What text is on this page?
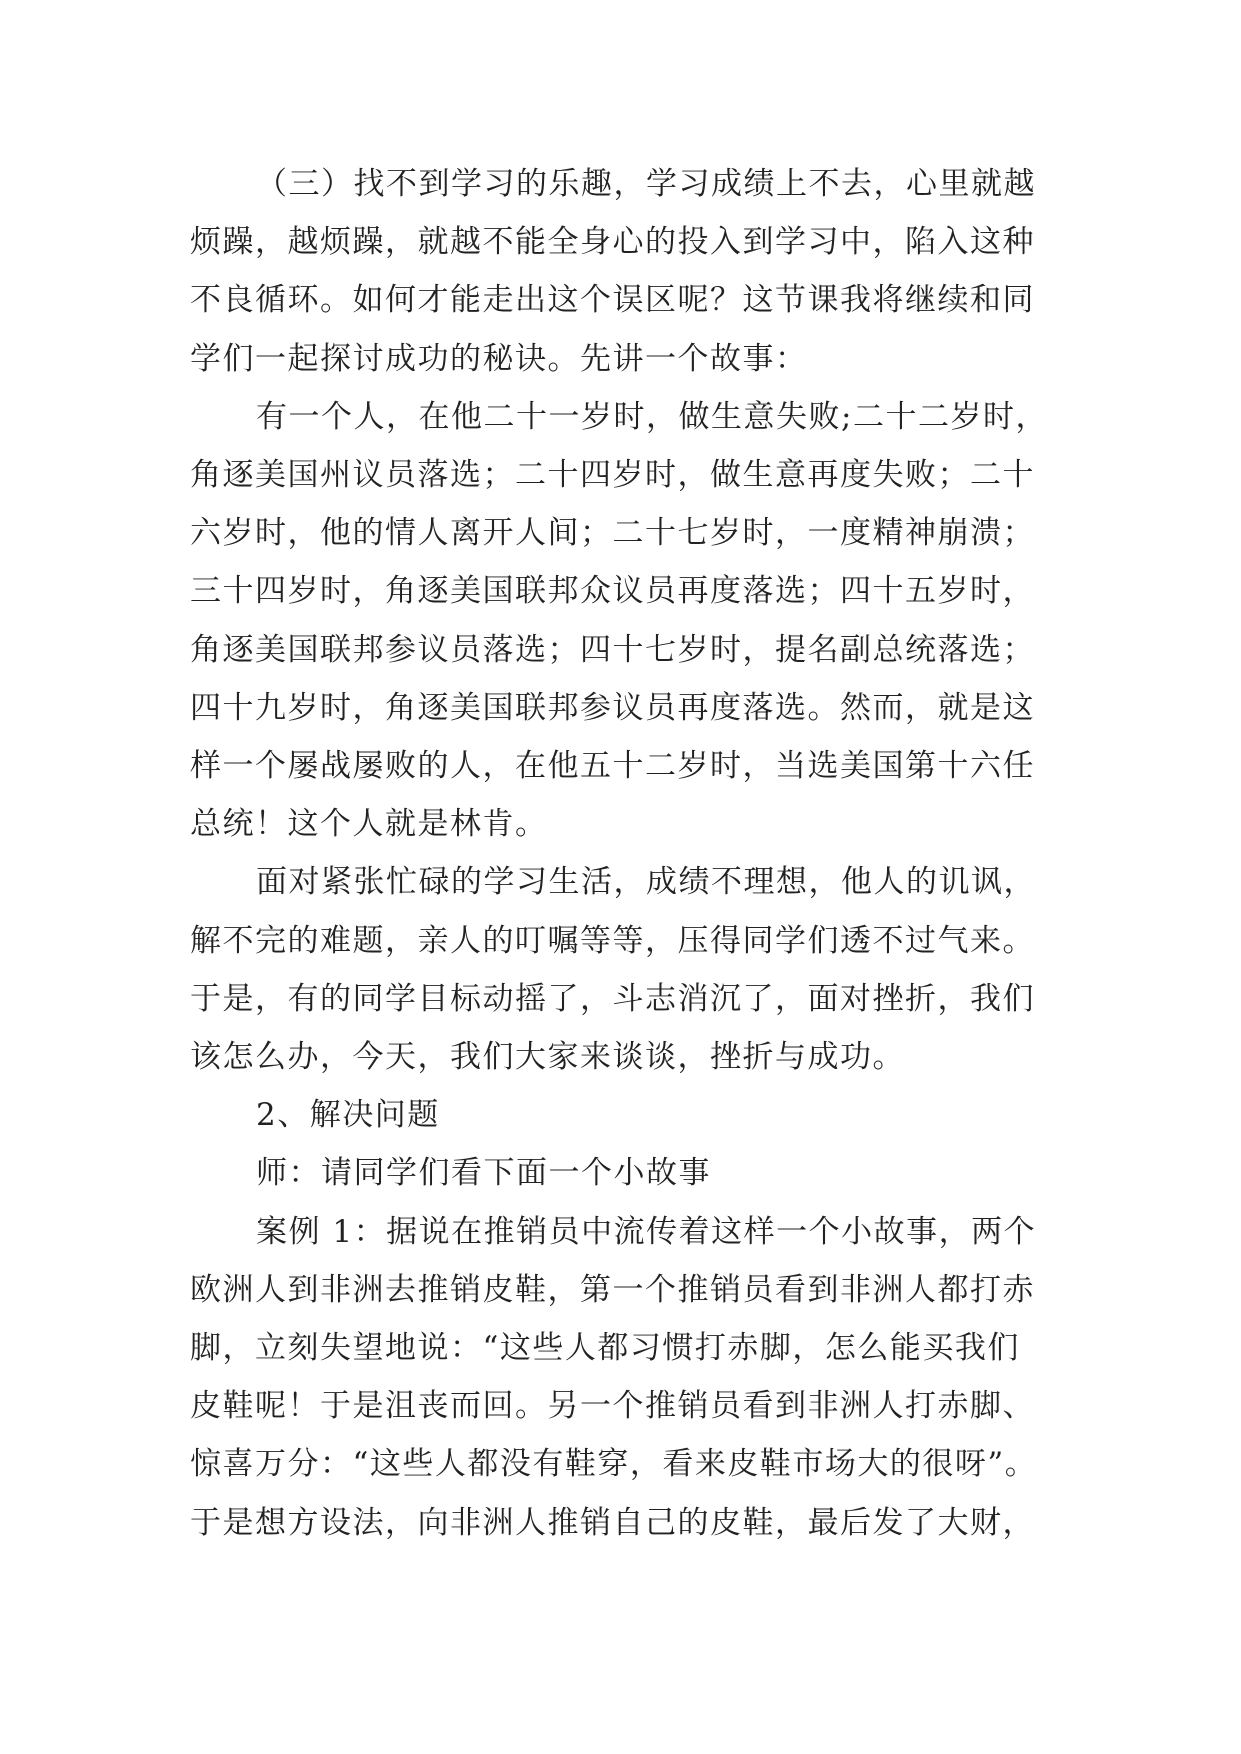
（三）找不到学习的乐趣，学习成绩上不去，心里就越

烦躁，越烦躁，就越不能全身心的投入到学习中，陷入这种

不良循环。如何才能走出这个误区呢？这节课我将继续和同

学们一起探讨成功的秘诀。先讲一个故事：

有一个人，在他二十一岁时，做生意失败;二十二岁时，

角逐美国州议员落选；二十四岁时，做生意再度失败；二十

六岁时，他的情人离开人间；二十七岁时，一度精神崩溃；

三十四岁时，角逐美国联邦众议员再度落选；四十五岁时，

角逐美国联邦参议员落选；四十七岁时，提名副总统落选；

四十九岁时，角逐美国联邦参议员再度落选。然而，就是这

样一个屡战屡败的人，在他五十二岁时，当选美国第十六任

总统！这个人就是林肯。

面对紧张忙碌的学习生活，成绩不理想，他人的讥讽，

解不完的难题，亲人的叮嘱等等，压得同学们透不过气来。

于是，有的同学目标动摇了，斗志消沉了，面对挫折，我们

该怎么办，今天，我们大家来谈谈，挫折与成功。

2、解决问题

师：请同学们看下面一个小故事

案例 1：据说在推销员中流传着这样一个小故事，两个

欧洲人到非洲去推销皮鞋，第一个推销员看到非洲人都打赤

脚，立刻失望地说：“这些人都习惯打赤脚，怎么能买我们

皮鞋呢！于是沮丧而回。另一个推销员看到非洲人打赤脚、

惊喜万分：“这些人都没有鞋穿，看来皮鞋市场大的很呀”。

于是想方设法，向非洲人推销自己的皮鞋，最后发了大财，
